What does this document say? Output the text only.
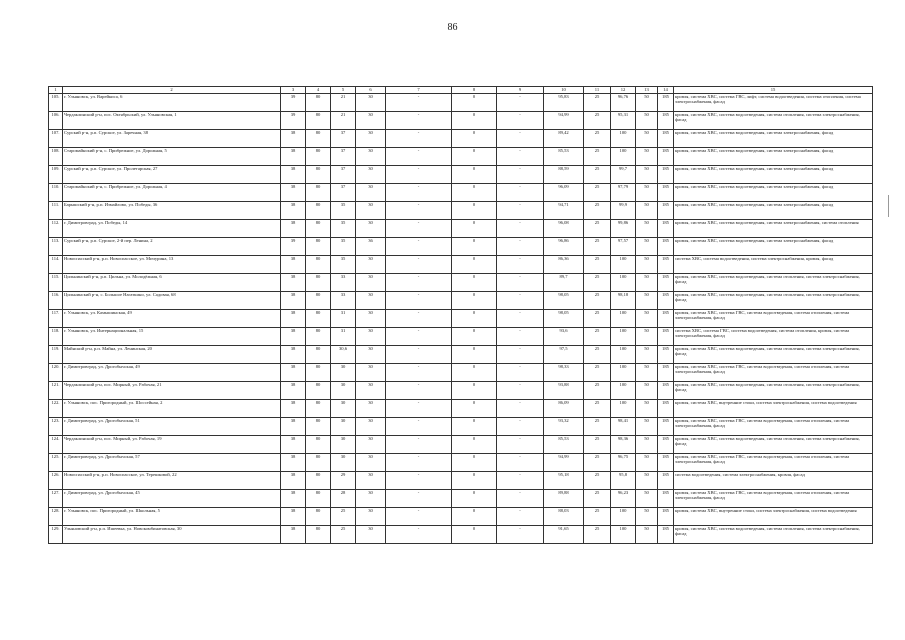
86
1	2	3	4	5	6	7	8	9	10	11	12	13	14	15
105.	г. Ульяновск, ул. Варейкиса, 6	39	80	21	30	-	0	-	95,83	25	96,76	50	185	кровля, система ХВС, система ГВС, лифт, система водоотведения, система отопления, система электроснабжения, фасад
106.	Чердаклинский р-н, пос. Октябрьский, ул. Ульяновская, 1	39	80	21	30	-	0	-	94,99	25	95,31	50	185	кровля, система ХВС, система водоотведения, система отопления, система электроснабжения, фасад
107.	Сурский р-н, р.п. Сурское, ул. Заречная, 38	38	80	37	30	-	0	-	89,42	25	100	50	185	кровля, система ХВС, система водоотведения, система электроснабжения, фасад
108.	Старомайнский р-н, с. Прибрежное, ул. Дорожная, 5	38	80	37	30	-	0	-	85,53	25	100	50	185	кровля, система ХВС, система водоотведения, система электроснабжения, фасад
109.	Сурский р-н, р.п. Сурское, ул. Пролетарская, 27	38	80	37	30	-	0	-	88,59	25	99,7	50	185	кровля, система ХВС, система водоотведения, система электроснабжения, фасад
110.	Старомайнский р-н, с. Прибрежное, ул. Дорожная, 4	38	80	37	30	-	0	-	96,09	25	97,79	50	185	кровля, система ХВС, система водоотведения, система электроснабжения, фасад
111.	Барышский р-н, р.п. Измайлово, ул. Победы, 36	38	80	35	30	-	0	-	94,71	25	99,9	50	185	кровля, система ХВС, система водоотведения, система электроснабжения, фасад
112.	г. Димитровград, ул. Победы, 14	38	80	35	30	-	0	-	96,08	25	99,86	50	185	кровля, система ХВС, система водоотведения, система электроснабжения, система отопления
113.	Сурский р-н, р.п. Сурское, 2-й пер. Ленина, 2	39	80	35	36	-	0	-	96,86	25	97,57	50	185	кровля, система ХВС, система водоотведения, система электроснабжения, фасад
114.	Новоспасский р-н, р.п. Новоспасское, ул. Мичурина, 13	38	80	35	30	-	0	-	86,36	25	100	50	185	система ХВС, система водоотведения, система электроснабжения, кровля, фасад
115.	Цильнинский р-н, р.п. Цильна, ул. Молодёжная, 6	38	80	33	30	-	0	-	89,7	25	100	50	185	кровля, система ХВС, система водоотведения, система отопления, система электроснабжения, фасад
116.	Цильнинский р-н, с. Большое Нагаткино, ул. Садовая, 68	38	80	33	30	-	0	-	98,05	25	98,18	50	185	кровля, система ХВС, система водоотведения, система отопления, система электроснабжения, фасад
117.	г. Ульяновск, ул. Камышинская, 49	38	80	31	30	-	0	-	98,05	25	100	50	185	кровля, система ХВС, система ГВС, система водоотведения, система отопления, система электроснабжения, фасад
118.	г. Ульяновск, ул. Интернациональная, 15	38	80	31	30	-	0	-	93,6	25	100	50	185	система ХВС, система ГВС, система водоотведения, система отопления, кровля, система электроснабжения, фасад
119.	Майнский р-н, р.п. Майна, ул. Ленинская, 20	38	80	30,6	30	-	0	-	97,5	25	100	50	185	кровля, система ХВС, система водоотведения, система отопления, система электроснабжения, фасад
120.	г. Димитровград, ул. Дрогобычская, 49	38	80	30	30	-	0	-	98,33	25	100	50	185	кровля, система ХВС, система ГВС, система водоотведения, система отопления, система электроснабжения, фасад
121.	Чердаклинский р-н, пос. Мирный, ул. Рабочая, 21	38	80	30	30	-	0	-	93,88	25	100	50	185	кровля, система ХВС, система водоотведения, система отопления, система электроснабжения, фасад
122.	г. Ульяновск, пос. Пригородный, ул. Шоссейная, 2	38	80	30	30	-	0	-	86,09	25	100	50	185	кровля, система ХВС, внутренние стоки, система электроснабжения, система водоотведения
123.	г. Димитровград, ул. Дрогобычская, 51	38	80	30	30	-	0	-	93,32	25	98,41	50	185	кровля, система ХВС, система ГВС, система водоотведения, система отопления, система электроснабжения, фасад
124.	Чердаклинский р-н, пос. Мирный, ул. Рабочая, 19	38	80	30	30	-	0	-	85,53	25	98,36	50	185	кровля, система ХВС, система водоотведения, система отопления, система электроснабжения, фасад
125.	г. Димитровград, ул. Дрогобычская, 57	38	80	30	30	-	0	-	94,99	25	96,75	50	185	кровля, система ХВС, система ГВС, система водоотведения, система отопления, система электроснабжения, фасад
126.	Новоспасский р-н, р.п. Новоспасское, ул. Терешковой, 22	38	80	29	30	-	0	-	95,18	25	95,8	50	185	система водоотведения, система электроснабжения, кровля, фасад
127.	г. Димитровград, ул. Дрогобычская, 45	38	80	28	30	-	0	-	89,88	25	96,23	50	185	кровля, система ХВС, система ГВС, система водоотведения, система отопления, система электроснабжения, фасад
128.	г. Ульяновск, пос. Пригородный, ул. Школьная, 5	38	80	25	30	-	0	-	88,03	25	100	50	185	кровля, система ХВС, внутренние стоки, система электроснабжения, система водоотведения
129.	Ульяновский р-н, р.п. Ишеевка, ул. Новокомбинатовская, 30	38	80	25	30	-	0	-	91,65	25	100	50	185	кровля, система ХВС, система водоотведения, система отопления, система электроснабжения, фасад
